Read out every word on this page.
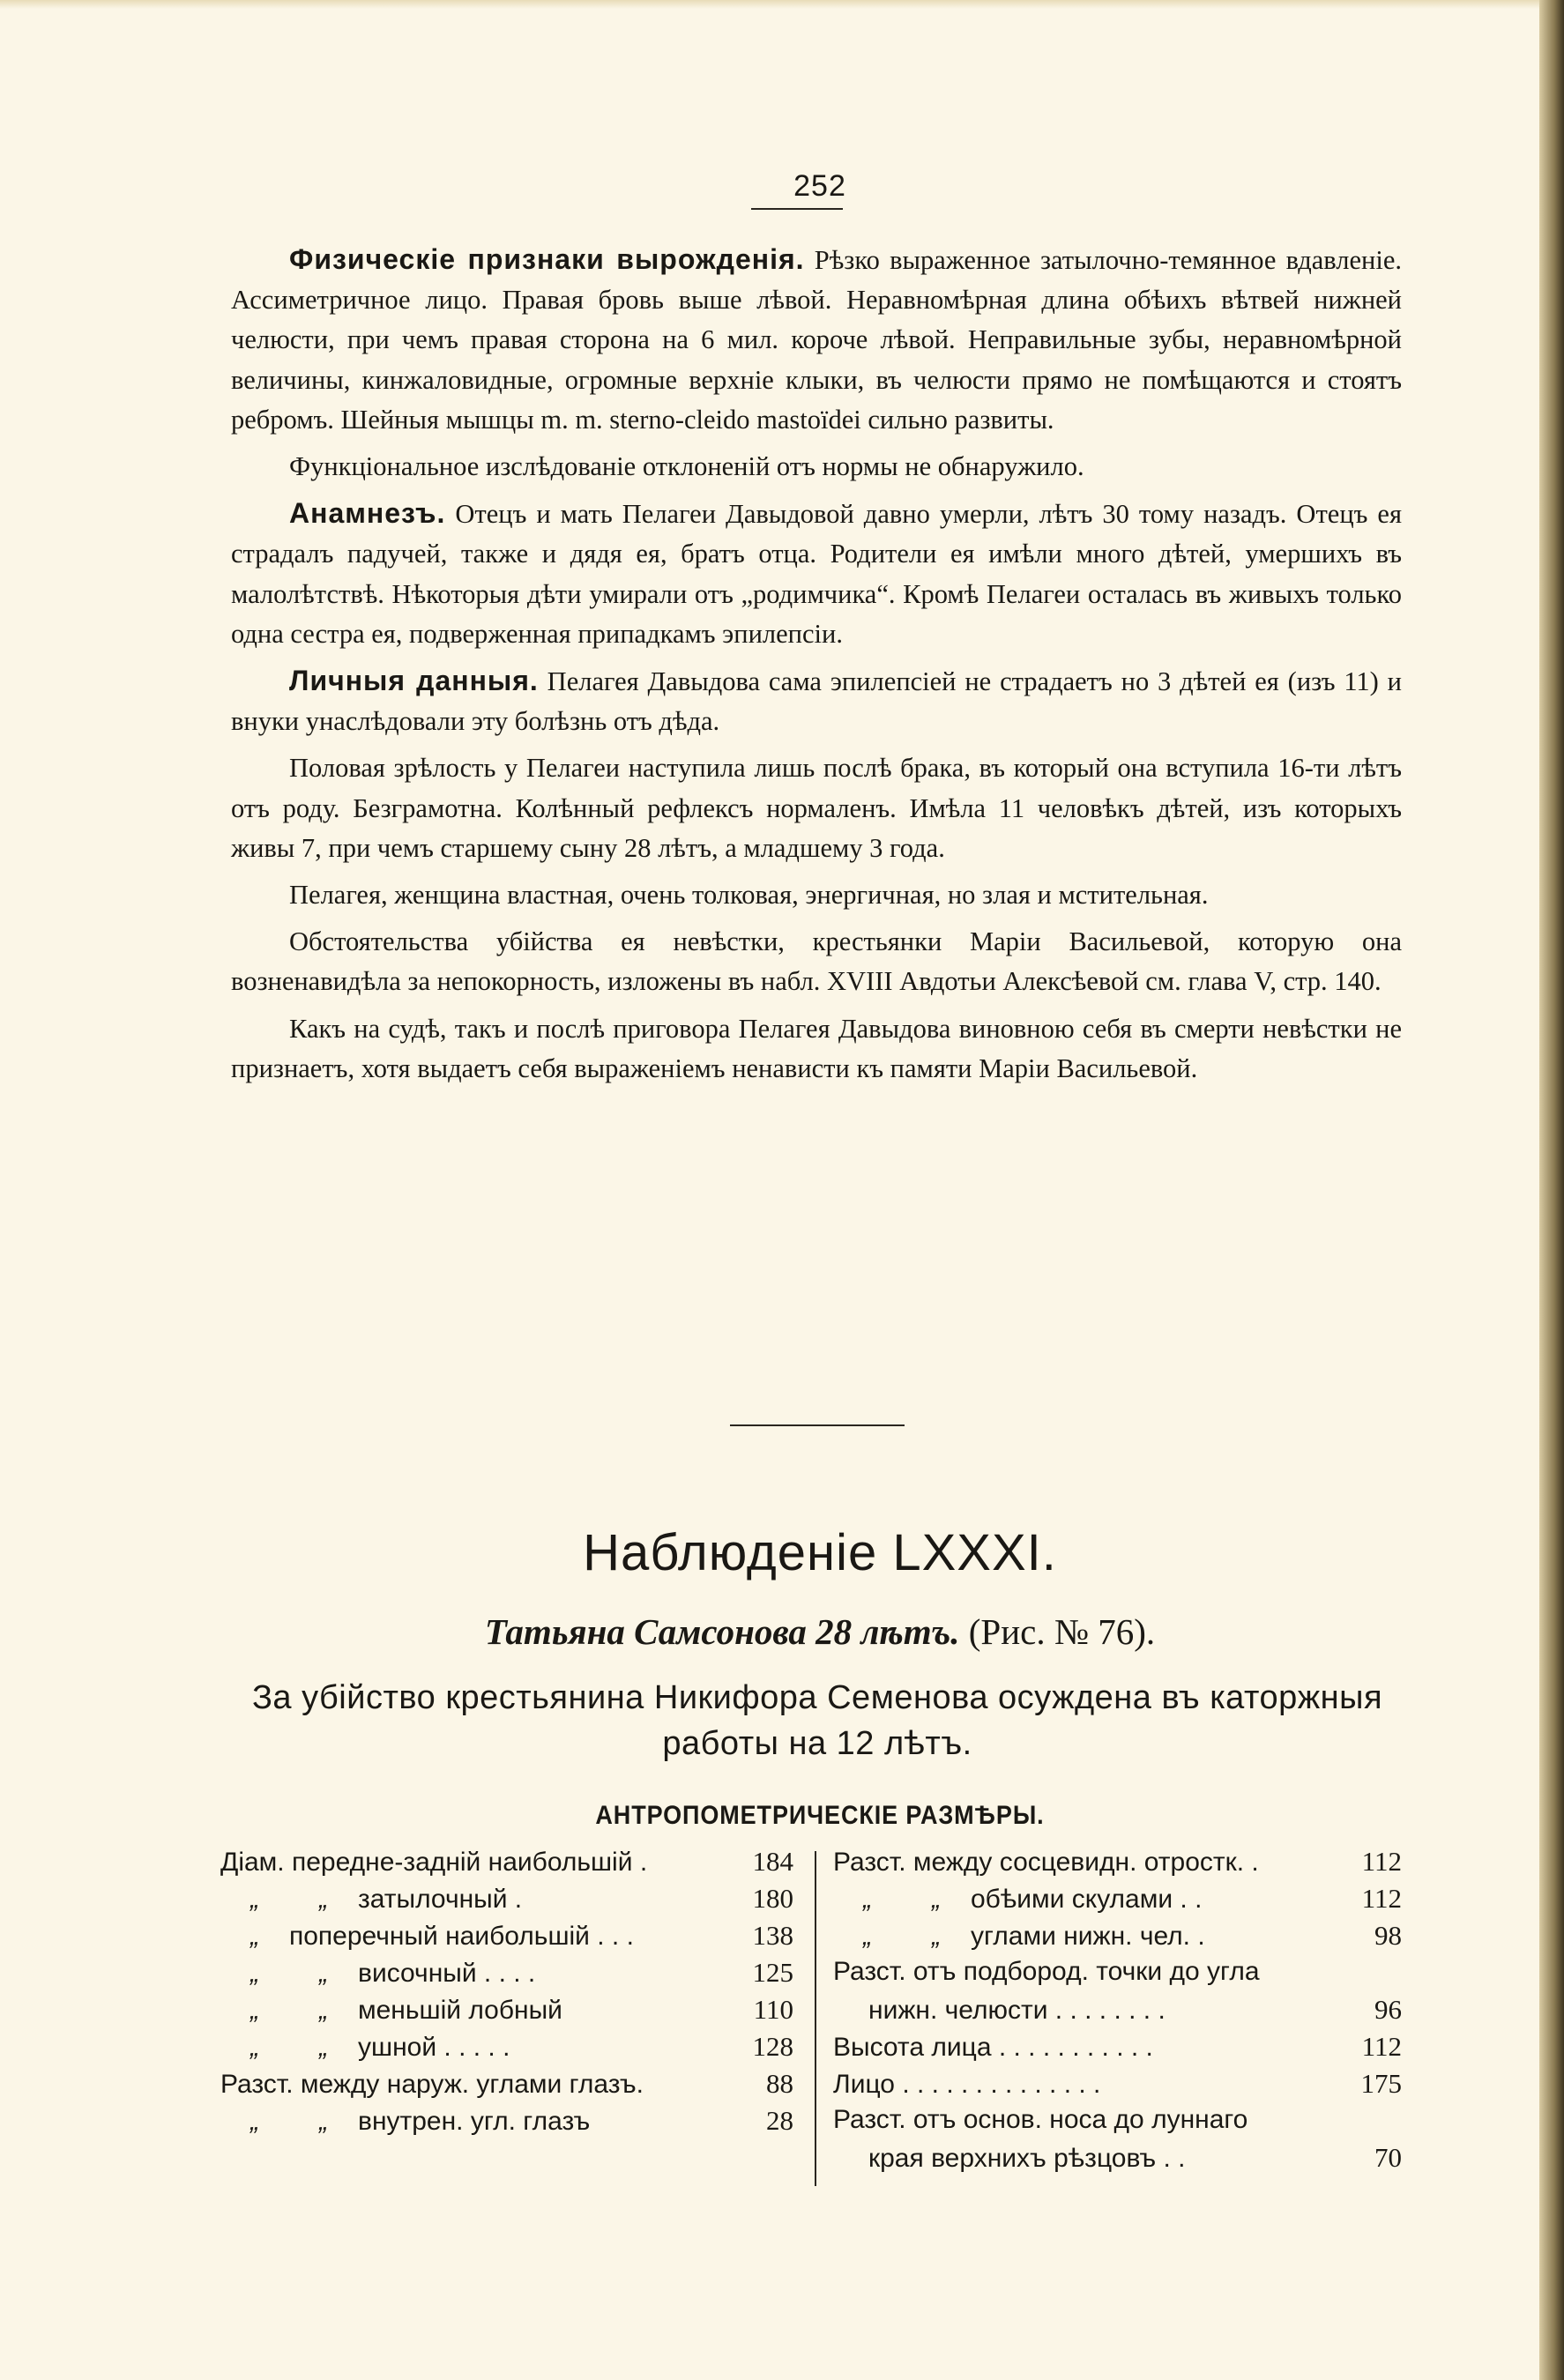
252

Физическіе признаки вырожденія. Рѣзко выраженное затылочно-темянное вдавленіе. Ассиметричное лицо. Правая бровь выше лѣвой. Неравномѣрная длина обѣихъ вѣтвей нижней челюсти, при чемъ правая сторона на 6 мил. короче лѣвой. Неправильные зубы, неравномѣрной величины, кинжаловидные, огромные верхніе клыки, въ челюсти прямо не помѣщаются и стоятъ ребромъ. Шейныя мышцы m. m. sterno-cleido mastoïdei сильно развиты.

Функціональное изслѣдованіе отклоненій отъ нормы не обнаружило.

Анамнезъ. Отецъ и мать Пелагеи Давыдовой давно умерли, лѣтъ 30 тому назадъ. Отецъ ея страдалъ падучей, также и дядя ея, братъ отца. Родители ея имѣли много дѣтей, умершихъ въ малолѣтствѣ. Нѣкоторыя дѣти умирали отъ „родимчика“. Кромѣ Пелагеи осталась въ живыхъ только одна сестра ея, подверженная припадкамъ эпилепсіи.

Личныя данныя. Пелагея Давыдова сама эпилепсіей не страдаетъ но 3 дѣтей ея (изъ 11) и внуки унаслѣдовали эту болѣзнь отъ дѣда.

Половая зрѣлость у Пелагеи наступила лишь послѣ брака, въ который она вступила 16-ти лѣтъ отъ роду. Безграмотна. Колѣнный рефлексъ нормаленъ. Имѣла 11 человѣкъ дѣтей, изъ которыхъ живы 7, при чемъ старшему сыну 28 лѣтъ, а младшему 3 года.

Пелагея, женщина властная, очень толковая, энергичная, но злая и мстительная.

Обстоятельства убійства ея невѣстки, крестьянки Маріи Васильевой, которую она возненавидѣла за непокорность, изложены въ набл. XVIII Авдотьи Алексѣевой см. глава V, стр. 140.

Какъ на судѣ, такъ и послѣ приговора Пелагея Давыдова виновною себя въ смерти невѣстки не признаетъ, хотя выдаетъ себя выраженіемъ ненависти къ памяти Маріи Васильевой.

Наблюденіе LXXXI.
Татьяна Самсонова 28 лѣтъ. (Рис. № 76).
За убійство крестьянина Никифора Семенова осуждена въ каторжныя работы на 12 лѣтъ.
АНТРОПОМЕТРИЧЕСКІЕ РАЗМѢРЫ.
Діам. передне-задній наибольшій .	184
„ „ затылочный .	180
„ поперечный наибольшій . . .	138
„ „ височный . . . .	125
„ „ меньшій лобный	110
„ „ ушной . . . . .	128
Разст. между наруж. углами глазъ.	88
„ „ внутрен. угл. глазъ	28
Разст. между сосцевидн. отростк. .	112
„ „ обѣими скулами . .	112
„ „ углами нижн. чел. .	98
Разст. отъ подбород. точки до угла
нижн. челюсти . . . . . . . .	96
Высота лица . . . . . . . . . . .	112
Лицо . . . . . . . . . . . . . .	175
Разст. отъ основ. носа до луннаго
края верхнихъ рѣзцовъ . .	70
